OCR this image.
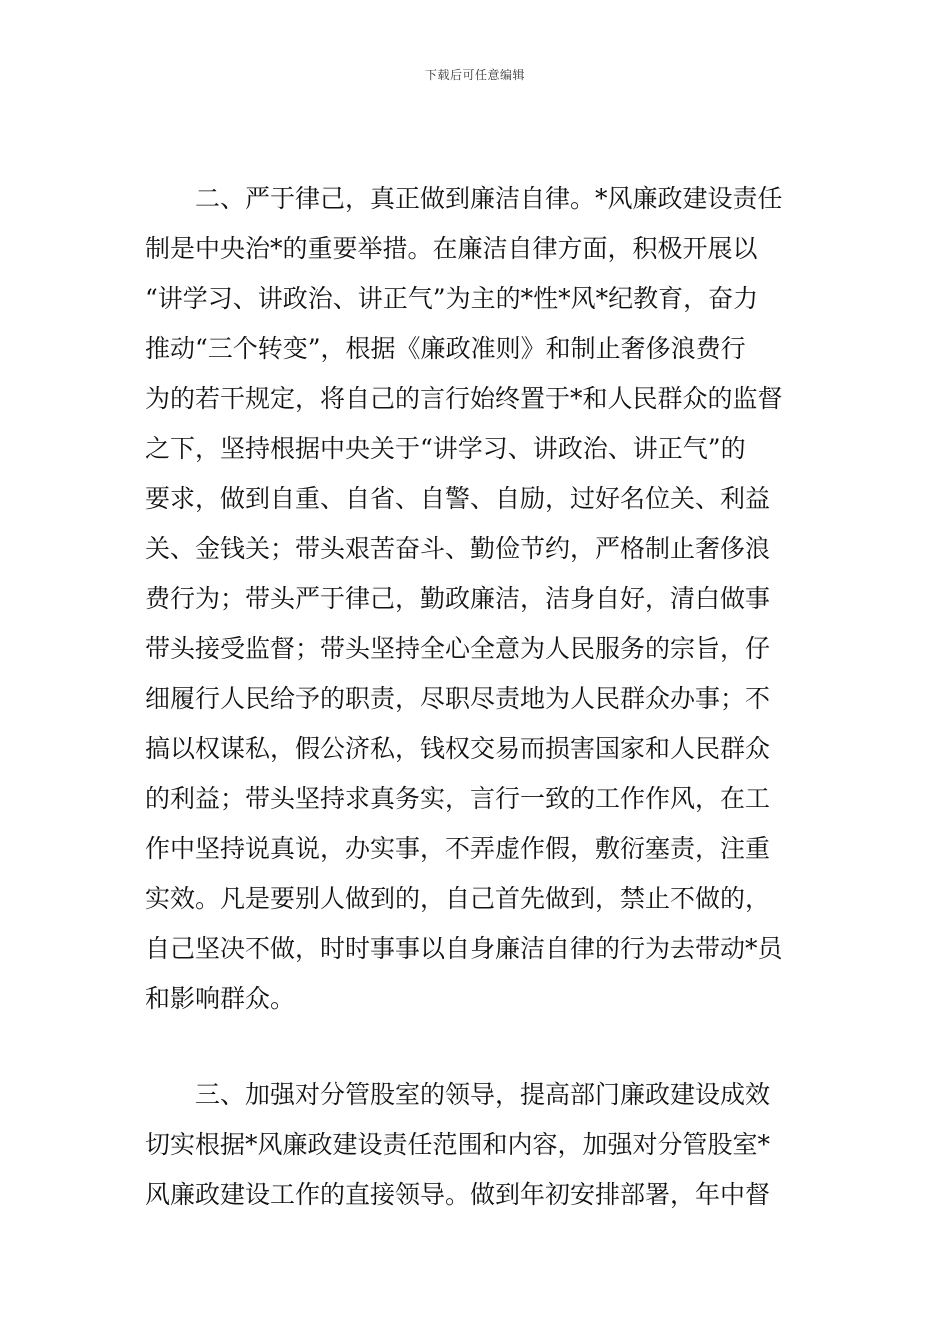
下载后可任意编辑
　　二、严于律己，真正做到廉洁自律。*风廉政建设责任
制是中央治*的重要举措。在廉洁自律方面，积极开展以
“讲学习、讲政治、讲正气”为主的*性*风*纪教育，奋力
推动“三个转变”，根据《廉政准则》和制止奢侈浪费行
为的若干规定，将自己的言行始终置于*和人民群众的监督
之下，坚持根据中央关于“讲学习、讲政治、讲正气”的
要求，做到自重、自省、自警、自励，过好名位关、利益
关、金钱关；带头艰苦奋斗、勤俭节约，严格制止奢侈浪
费行为；带头严于律己，勤政廉洁，洁身自好，清白做事
带头接受监督；带头坚持全心全意为人民服务的宗旨，仔
细履行人民给予的职责，尽职尽责地为人民群众办事；不
搞以权谋私，假公济私，钱权交易而损害国家和人民群众
的利益；带头坚持求真务实，言行一致的工作作风，在工
作中坚持说真说，办实事，不弄虚作假，敷衍塞责，注重
实效。凡是要别人做到的，自己首先做到，禁止不做的，
自己坚决不做，时时事事以自身廉洁自律的行为去带动*员
和影响群众。
　　三、加强对分管股室的领导，提高部门廉政建设成效
切实根据*风廉政建设责任范围和内容，加强对分管股室*
风廉政建设工作的直接领导。做到年初安排部署，年中督
